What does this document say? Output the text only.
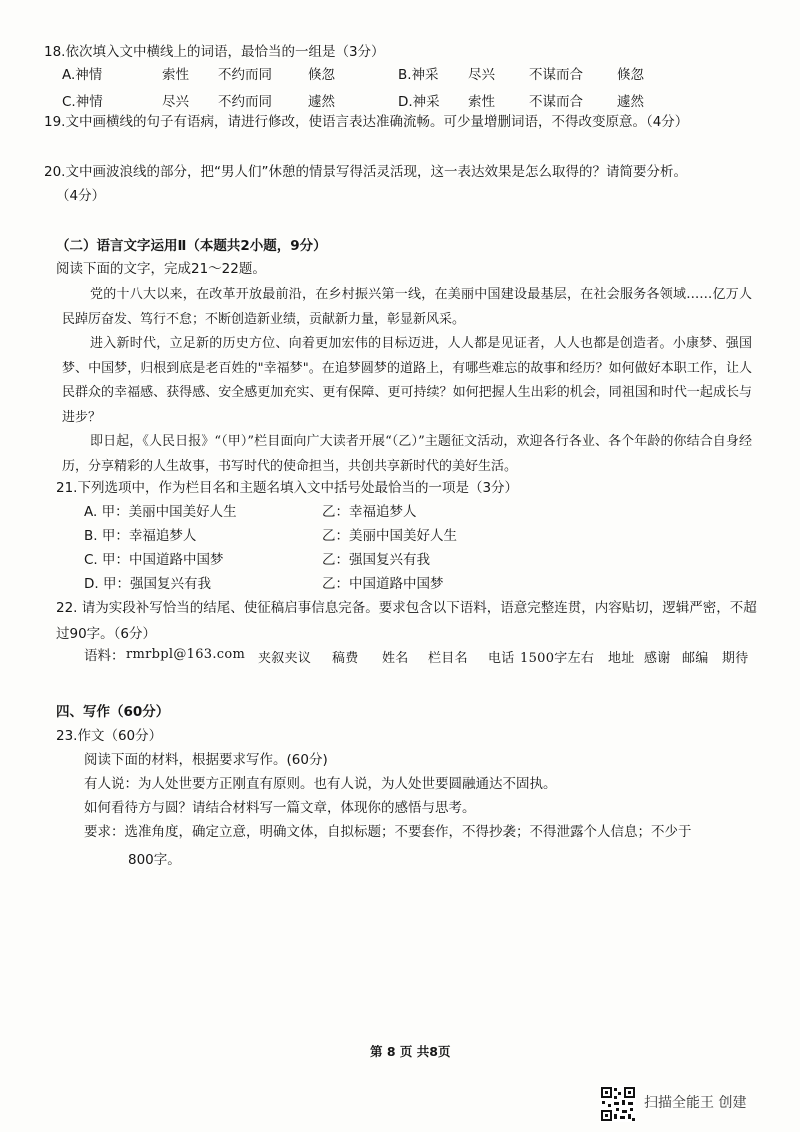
18.依次填入文中横线上的词语，最恰当的一组是（3分）
A.神情	索性 不约而同	倏忽	B.神采 尽兴	不谋而合	倏忽
C.神情	尽兴 不约而同	遽然	D.神采 索性	不谋而合	遽然
19.文中画横线的句子有语病，请进行修改，使语言表达准确流畅。可少量增删词语，不得改变原意。（4分）
20.文中画波浪线的部分，把“男人们”休憩的情景写得活灵活现，这一表达效果是怎么取得的？请简要分析。
（4分）
（二）语言文字运用Ⅱ（本题共2小题，9分）
阅读下面的文字，完成21～22题。
党的十八大以来，在改革开放最前沿，在乡村振兴第一线，在美丽中国建设最基层，在社会服务各领域……亿万人民踔厉奋发、笃行不怠；不断创造新业绩，贡献新力量，彰显新风采。
进入新时代，立足新的历史方位、向着更加宏伟的目标迈进，人人都是见证者，人人也都是创造者。小康梦、强国梦、中国梦，归根到底是老百姓的"幸福梦"。在追梦圆梦的道路上，有哪些难忘的故事和经历？如何做好本职工作，让人民群众的幸福感、获得感、安全感更加充实、更有保障、更可持续？如何把握人生出彩的机会，同祖国和时代一起成长与进步？
即日起，《人民日报》“（甲）”栏目面向广大读者开展“（乙）”主题征文活动，欢迎各行各业、各个年龄的你结合自身经历，分享精彩的人生故事，书写时代的使命担当，共创共享新时代的美好生活。
21.下列选项中，作为栏目名和主题名填入文中括号处最恰当的一项是（3分）
A. 甲：美丽中国美好人生	乙：幸福追梦人
B. 甲：幸福追梦人	乙：美丽中国美好人生
C. 甲：中国道路中国梦	乙：强国复兴有我
D. 甲：强国复兴有我	乙：中国道路中国梦
22. 请为实段补写恰当的结尾、使征稿启事信息完备。要求包含以下语料，语意完整连贯，内容贴切，逻辑严密，不超过90字。（6分）
语料： rmrbpl@163.com 夹叙夹议 稿费 姓名 栏目名 电话 1500字左右 地址 感谢 邮编 期待
四、写作（60分）
23.作文（60分）
阅读下面的材料，根据要求写作。(60分)
有人说：为人处世要方正刚直有原则。也有人说，为人处世要圆融通达不固执。
如何看待方与圆？请结合材料写一篇文章，体现你的感悟与思考。
要求：选准角度，确定立意，明确文体，自拟标题；不要套作，不得抄袭；不得泄露个人信息；不少于
800字。
第 8 页 共8页
扫描全能王 创建
